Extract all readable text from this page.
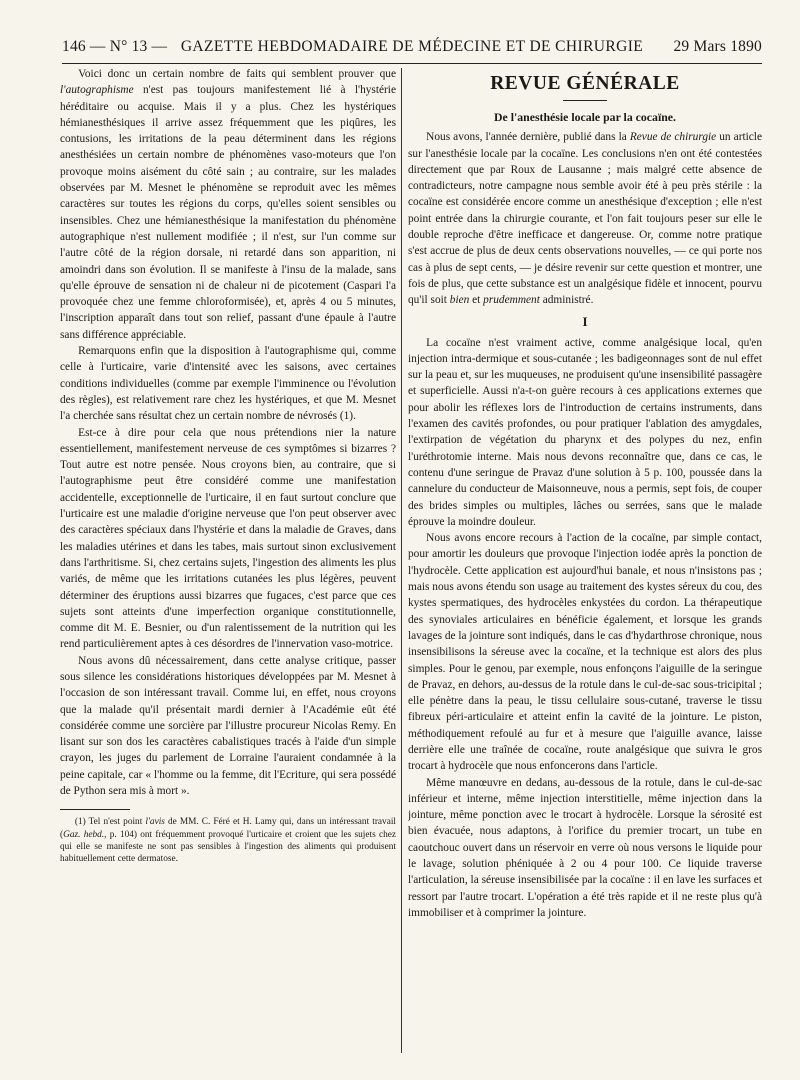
146 — N° 13 — GAZETTE HEBDOMADAIRE DE MÉDECINE ET DE CHIRURGIE	29 Mars 1890

Voici donc un certain nombre de faits qui semblent prouver que l'autographisme n'est pas toujours manifestement lié à l'hystérie héréditaire ou acquise. Mais il y a plus. Chez les hystériques hémianesthésiques il arrive assez fréquemment que les piqûres, les contusions, les irritations de la peau déterminent dans les régions anesthésiées un certain nombre de phénomènes vaso-moteurs que l'on provoque moins aisément du côté sain ; au contraire, sur les malades observées par M. Mesnet le phénomène se reproduit avec les mêmes caractères sur toutes les régions du corps, qu'elles soient sensibles ou insensibles. Chez une hémianesthésique la manifestation du phénomène autographique n'est nullement modifiée ; il n'est, sur l'un comme sur l'autre côté de la région dorsale, ni retardé dans son apparition, ni amoindri dans son évolution. Il se manifeste à l'insu de la malade, sans qu'elle éprouve de sensation ni de chaleur ni de picotement (Caspari l'a provoquée chez une femme chloroformisée), et, après 4 ou 5 minutes, l'inscription apparaît dans tout son relief, passant d'une épaule à l'autre sans différence appréciable.

Remarquons enfin que la disposition à l'autographisme qui, comme celle à l'urticaire, varie d'intensité avec les saisons, avec certaines conditions individuelles (comme par exemple l'imminence ou l'évolution des règles), est relativement rare chez les hystériques, et que M. Mesnet l'a cherchée sans résultat chez un certain nombre de névrosés (1).

Est-ce à dire pour cela que nous prétendions nier la nature essentiellement, manifestement nerveuse de ces symptômes si bizarres ? Tout autre est notre pensée. Nous croyons bien, au contraire, que si l'autographisme peut être considéré comme une manifestation accidentelle, exceptionnelle de l'urticaire, il en faut surtout conclure que l'urticaire est une maladie d'origine nerveuse que l'on peut observer avec des caractères spéciaux dans l'hystérie et dans la maladie de Graves, dans les maladies utérines et dans les tabes, mais surtout sinon exclusivement dans l'arthritisme. Si, chez certains sujets, l'ingestion des aliments les plus variés, de même que les irritations cutanées les plus légères, peuvent déterminer des éruptions aussi bizarres que fugaces, c'est parce que ces sujets sont atteints d'une imperfection organique constitutionnelle, comme dit M. E. Besnier, ou d'un ralentissement de la nutrition qui les rend particulièrement aptes à ces désordres de l'innervation vaso-motrice.

Nous avons dû nécessairement, dans cette analyse critique, passer sous silence les considérations historiques développées par M. Mesnet à l'occasion de son intéressant travail. Comme lui, en effet, nous croyons que la malade qu'il présentait mardi dernier à l'Académie eût été considérée comme une sorcière par l'illustre procureur Nicolas Remy. En lisant sur son dos les caractères cabalistiques tracés à l'aide d'un simple crayon, les juges du parlement de Lorraine l'auraient condamnée à la peine capitale, car « l'homme ou la femme, dit l'Ecriture, qui sera possédé de Python sera mis à mort ».

(1) Tel n'est point l'avis de MM. C. Féré et H. Lamy qui, dans un intéressant travail (Gaz. hebd., p. 104) ont fréquemment provoqué l'urticaire et croient que les sujets chez qui elle se manifeste ne sont pas sensibles à l'ingestion des aliments qui produisent habituellement cette dermatose.

REVUE GÉNÉRALE
De l'anesthésie locale par la cocaïne.

Nous avons, l'année dernière, publié dans la Revue de chirurgie un article sur l'anesthésie locale par la cocaïne. Les conclusions n'en ont été contestées directement que par Roux de Lausanne ; mais malgré cette absence de contradicteurs, notre campagne nous semble avoir été à peu près stérile : la cocaïne est considérée encore comme un anesthésique d'exception ; elle n'est point entrée dans la chirurgie courante, et l'on fait toujours peser sur elle le double reproche d'être inefficace et dangereuse. Or, comme notre pratique s'est accrue de plus de deux cents observations nouvelles, — ce qui porte nos cas à plus de sept cents, — je désire revenir sur cette question et montrer, une fois de plus, que cette substance est un analgésique fidèle et innocent, pourvu qu'il soit bien et prudemment administré.

I

La cocaïne n'est vraiment active, comme analgésique local, qu'en injection intra-dermique et sous-cutanée ; les badigeonnages sont de nul effet sur la peau et, sur les muqueuses, ne produisent qu'une insensibilité passagère et superficielle. Aussi n'a-t-on guère recours à ces applications externes que pour abolir les réflexes lors de l'introduction de certains instruments, dans l'examen des cavités profondes, ou pour pratiquer l'ablation des amygdales, l'extirpation de végétation du pharynx et des polypes du nez, enfin l'uréthrotomie interne. Mais nous devons reconnaître que, dans ce cas, le contenu d'une seringue de Pravaz d'une solution à 5 p. 100, poussée dans la cannelure du conducteur de Maisonneuve, nous a permis, sept fois, de couper des brides simples ou multiples, lâches ou serrées, sans que le malade éprouve la moindre douleur.

Nous avons encore recours à l'action de la cocaïne, par simple contact, pour amortir les douleurs que provoque l'injection iodée après la ponction de l'hydrocèle. Cette application est aujourd'hui banale, et nous n'insistons pas ; mais nous avons étendu son usage au traitement des kystes séreux du cou, des kystes spermatiques, des hydrocèles enkystées du cordon. La thérapeutique des synoviales articulaires en bénéficie également, et lorsque les grands lavages de la jointure sont indiqués, dans le cas d'hydarthrose chronique, nous insensibilisons la séreuse avec la cocaïne, et la technique est alors des plus simples. Pour le genou, par exemple, nous enfonçons l'aiguille de la seringue de Pravaz, en dehors, au-dessus de la rotule dans le cul-de-sac sous-tricipital ; elle pénètre dans la peau, le tissu cellulaire sous-cutané, traverse le tissu fibreux péri-articulaire et atteint enfin la cavité de la jointure. Le piston, méthodiquement refoulé au fur et à mesure que l'aiguille avance, laisse derrière elle une traînée de cocaïne, route analgésique que suivra le gros trocart à hydrocèle que nous enfoncerons dans l'article.

Même manœuvre en dedans, au-dessous de la rotule, dans le cul-de-sac inférieur et interne, même injection interstitielle, même injection dans la jointure, même ponction avec le trocart à hydrocèle. Lorsque la sérosité est bien évacuée, nous adaptons, à l'orifice du premier trocart, un tube en caoutchouc ouvert dans un réservoir en verre où nous versons le liquide pour le lavage, solution phéniquée à 2 ou 4 pour 100. Ce liquide traverse l'articulation, la séreuse insensibilisée par la cocaïne : il en lave les surfaces et ressort par l'autre trocart. L'opération a été très rapide et il ne reste plus qu'à immobiliser et à comprimer la jointure.
